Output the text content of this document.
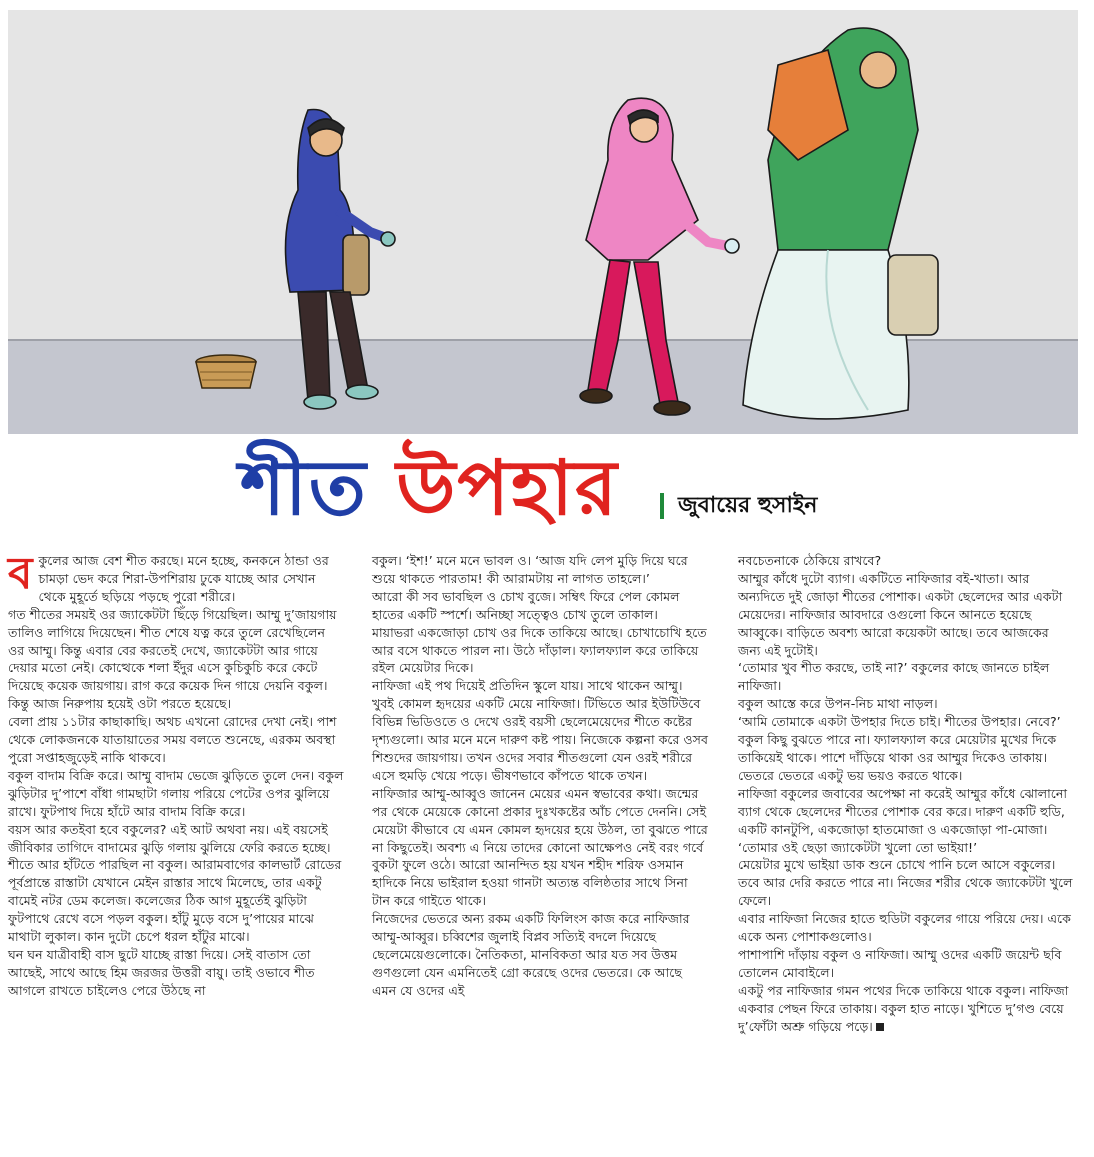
শীত উপহার	জুবায়ের হুসাইন

বকুলের আজ বেশ শীত করছে। মনে হচ্ছে, কনকনে ঠান্ডা ওর চামড়া ভেদ করে শিরা-উপশিরায় ঢুকে যাচ্ছে আর সেখান থেকে মুহূর্তে ছড়িয়ে পড়ছে পুরো শরীরে।

গত শীতের সময়ই ওর জ্যাকেটটা ছিঁড়ে গিয়েছিল। আম্মু দু’জায়গায় তালিও লাগিয়ে দিয়েছেন। শীত শেষে যত্ন করে তুলে রেখেছিলেন ওর আম্মু। কিন্তু এবার বের করতেই দেখে, জ্যাকেটটা আর গায়ে দেয়ার মতো নেই। কোত্থেকে শলা ইঁদুর এসে কুচিকুচি করে কেটে দিয়েছে কয়েক জায়গায়। রাগ করে কয়েক দিন গায়ে দেয়নি বকুল। কিন্তু আজ নিরুপায় হয়েই ওটা পরতে হয়েছে।

বেলা প্রায় ১১টার কাছাকাছি। অথচ এখনো রোদের দেখা নেই। পাশ থেকে লোকজনকে যাতায়াতের সময় বলতে শুনেছে, এরকম অবস্থা পুরো সপ্তাহজুড়েই নাকি থাকবে।

বকুল বাদাম বিক্রি করে। আম্মু বাদাম ভেজে ঝুড়িতে তুলে দেন। বকুল ঝুড়িটার দু’পাশে বাঁধা গামছাটা গলায় পরিয়ে পেটের ওপর ঝুলিয়ে রাখে। ফুটপাথ দিয়ে হাঁটে আর বাদাম বিক্রি করে।

বয়স আর কতইবা হবে বকুলের? এই আট অথবা নয়। এই বয়সেই জীবিকার তাগিদে বাদামের ঝুড়ি গলায় ঝুলিয়ে ফেরি করতে হচ্ছে।

শীতে আর হাঁটতে পারছিল না বকুল। আরামবাগের কালভার্ট রোডের পূর্বপ্রান্তে রাস্তাটা যেখানে মেইন রাস্তার সাথে মিলেছে, তার একটু বামেই নটর ডেম কলেজ। কলেজের ঠিক আগ মুহূর্তেই ঝুড়িটা ফুটপাথে রেখে বসে পড়ল বকুল। হাঁটু মুড়ে বসে দু’পায়ের মাঝে মাথাটা লুকাল। কান দুটো চেপে ধরল হাঁটুর মাঝে।

ঘন ঘন যাত্রীবাহী বাস ছুটে যাচ্ছে রাস্তা দিয়ে। সেই বাতাস তো আছেই, সাথে আছে হিম জরজর উত্তরী বায়ু। তাই ওভাবে শীত আগলে রাখতে চাইলেও পেরে উঠছে না

বকুল। ‘ইশ!’ মনে মনে ভাবল ও। ‘আজ যদি লেপ মুড়ি দিয়ে ঘরে শুয়ে থাকতে পারতাম! কী আরামটায় না লাগত তাহলে।’

আরো কী সব ভাবছিল ও চোখ বুজে। সম্বিৎ ফিরে পেল কোমল হাতের একটি স্পর্শে। অনিচ্ছা সত্ত্বেও চোখ তুলে তাকাল।

মায়াভরা একজোড়া চোখ ওর দিকে তাকিয়ে আছে। চোখাচোখি হতে আর বসে থাকতে পারল না। উঠে দাঁড়াল। ফ্যালফ্যাল করে তাকিয়ে রইল মেয়েটার দিকে।

নাফিজা এই পথ দিয়েই প্রতিদিন স্কুলে যায়। সাথে থাকেন আম্মু।

খুবই কোমল হৃদয়ের একটি মেয়ে নাফিজা। টিভিতে আর ইউটিউবে বিভিন্ন ভিডিওতে ও দেখে ওরই বয়সী ছেলেমেয়েদের শীতে কষ্টের দৃশ্যগুলো। আর মনে মনে দারুণ কষ্ট পায়। নিজেকে কল্পনা করে ওসব শিশুদের জায়গায়। তখন ওদের সবার শীতগুলো যেন ওরই শরীরে এসে হুমড়ি খেয়ে পড়ে। ভীষণভাবে কাঁপতে থাকে তখন।

নাফিজার আম্মু-আব্বুও জানেন মেয়ের এমন স্বভাবের কথা। জন্মের পর থেকে মেয়েকে কোনো প্রকার দুঃখকষ্টের আঁচ পেতে দেননি। সেই মেয়েটা কীভাবে যে এমন কোমল হৃদয়ের হয়ে উঠল, তা বুঝতে পারে না কিছুতেই। অবশ্য এ নিয়ে তাদের কোনো আক্ষেপও নেই বরং গর্বে বুকটা ফুলে ওঠে। আরো আনন্দিত হয় যখন শহীদ শরিফ ওসমান হাদিকে নিয়ে ভাইরাল হওয়া গানটা অত্যন্ত বলিষ্ঠতার সাথে সিনা টান করে গাইতে থাকে।

নিজেদের ভেতরে অন্য রকম একটি ফিলিংস কাজ করে নাফিজার আম্মু-আব্বুর। চব্বিশের জুলাই বিপ্লব সত্যিই বদলে দিয়েছে ছেলেমেয়েগুলোকে। নৈতিকতা, মানবিকতা আর যত সব উত্তম গুণগুলো যেন এমনিতেই গ্রো করেছে ওদের ভেতরে। কে আছে এমন যে ওদের এই

নবচেতনাকে ঠেকিয়ে রাখবে?

আম্মুর কাঁধে দুটো ব্যাগ। একটিতে নাফিজার বই-খাতা। আর অন্যদিতে দুই জোড়া শীতের পোশাক। একটা ছেলেদের আর একটা মেয়েদের। নাফিজার আবদারে ওগুলো কিনে আনতে হয়েছে আব্বুকে। বাড়িতে অবশ্য আরো কয়েকটা আছে। তবে আজকের জন্য এই দুটোই।

‘তোমার খুব শীত করছে, তাই না?’ বকুলের কাছে জানতে চাইল নাফিজা।

বকুল আস্তে করে উপন-নিচ মাথা নাড়ল।

‘আমি তোমাকে একটা উপহার দিতে চাই। শীতের উপহার। নেবে?’

বকুল কিছু বুঝতে পারে না। ফ্যালফ্যাল করে মেয়েটার মুখের দিকে তাকিয়েই থাকে। পাশে দাঁড়িয়ে থাকা ওর আম্মুর দিকেও তাকায়। ভেতরে ভেতরে একটু ভয় ভয়ও করতে থাকে।

নাফিজা বকুলের জবাবের অপেক্ষা না করেই আম্মুর কাঁধে ঝোলানো ব্যাগ থেকে ছেলেদের শীতের পোশাক বের করে। দারুণ একটি হুডি, একটি কানটুপি, একজোড়া হাতমোজা ও একজোড়া পা-মোজা।

‘তোমার ওই ছেড়া জ্যাকেটটা খুলো তো ভাইয়া!’

মেয়েটার মুখে ভাইয়া ডাক শুনে চোখে পানি চলে আসে বকুলের। তবে আর দেরি করতে পারে না। নিজের শরীর থেকে জ্যাকেটটা খুলে ফেলে।

এবার নাফিজা নিজের হাতে হুডিটা বকুলের গায়ে পরিয়ে দেয়। একে একে অন্য পোশাকগুলোও।

পাশাপাশি দাঁড়ায় বকুল ও নাফিজা। আম্মু ওদের একটি জয়েন্ট ছবি তোলেন মোবাইলে।

একটু পর নাফিজার গমন পথের দিকে তাকিয়ে থাকে বকুল। নাফিজা একবার পেছন ফিরে তাকায়। বকুল হাত নাড়ে। খুশিতে দু’গণ্ড বেয়ে দু’ফোঁটা অশ্রু গড়িয়ে পড়ে।
